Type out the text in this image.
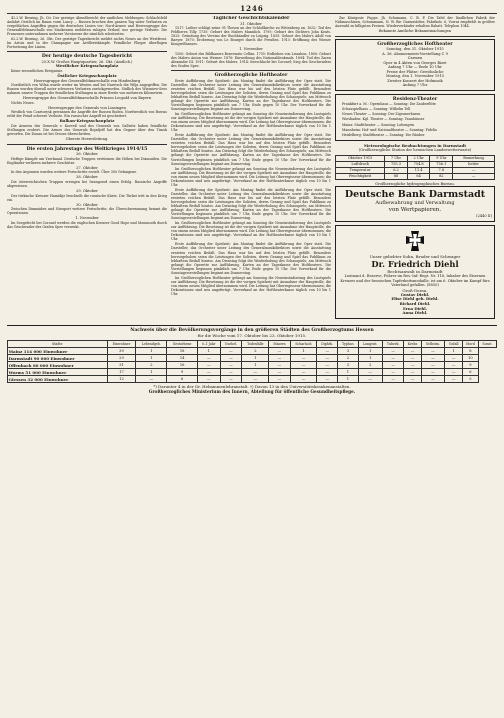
1246
42.2.W. Bessing, Jh. Cit. Der gestrige Abendbericht der amtlichen Meldungen: Schlachtfeld Anfahrt Oestlich im Raum vorm Lancy ... Russen brachen den ganzen Tag unter Verlusten zu vergeblichen Angriffen gegen die deutschen Linien vor; Nord-Armee und Heeresgruppe des Generalfeldmarschalls von Mackensen meldeten ruhigen Verlauf, nur geringe Verluste. Die Franzosen unternahmen mehrere Vorstoesse die sämtlich scheiterten.
62.2.W. Bessing, 26. Okt. Der gestrige Tagesbericht meldet nichts Neues an der Westfront. Im Artois und in der Champagne nur Artilleriekämpfe. Feindliche Flieger überflogen Fortsetzung der Linien.
Der heutige deutsche Tagesbericht
25.X.W. Großes Hauptquartier, 26. Okt. (Amtlich.)
Westlicher Kriegsschauplatz
Keine wesentlichen Ereignisse.
Östlicher Kriegsschauplatz
Heeresgruppe des Generalfeldmarschalls von Hindenburg
Nordöstlich von Wilna wurde weiter im Westen und bei Narotsch die Wilja angegriffen. Die Russen wurden überall unter schweren Verlusten zurückgeworfen. Südlich des Wiszniew-Sees nahmen unsere Truppen die feindlichen Stellungen in einer Breite von mehreren Kilometern.
Heeresgruppe des Generalfeldmarschalls Prinzen Leopold von Bayern
Nichts Neues.
Heeresgruppe des Generals von Linsingen
Westlich von Czartorysk gewannen die Angriffe der Russen Boden. Nordwestlich von Rowno erlitt der Feind schwere Verluste. Ein russischer Angriff ist gescheitert.
Balkan-Kriegsschauplatz
Die Armeen des Generals v. Koeveß und des Generals von Gallwitz haben feindliche Stellungen erobert. Die Armee des Generals Bojadjeff hat den Gegner über den Timok geworfen. Die Donau ist bei Orsova überschritten.
Oberste Heeresleitung.
Die ersten Jahrestage des Weltkrieges 1914/15
26. Oktober
Heftige Kämpfe am Yserkanal. Deutsche Truppen erstürmen die Höhen bei Dixmuiden. Die Engländer verlieren mehrere Geschütze.
27. Oktober
In den Argonnen wurden weitere Fortschritte erzielt. Über 300 Gefangene.
28. Oktober
Die österreichischen Truppen erringen bei Iwangorod einen Erfolg. Russische Angriffe abgewiesen.
29. Oktober
Der türkische Kreuzer Hamidije beschießt die russische Küste. Die Türkei tritt in den Krieg ein.
30. Oktober
Zwischen Dixmuiden und Nieuport weitere Fortschritte, die Überschwemmung hemmt die Operationen.
1. November
Im Seegefecht bei Coronel werden die englischen Kreuzer Good Hope und Monmouth durch das Geschwader des Grafen Spee versenkt.
Täglicher Geschichtskalender
31. Oktober
1517: Luther schlägt seine 95 Thesen an der Schloßkirche zu Wittenberg an. 1632: Tod des Feldherrn Tilly. 1735: Geburt des Malers Mannlich. 1795: Geburt des Dichters John Keats. 1825: Gründung des Vereins der Buchhändler zu Leipzig. 1835: Geburt des Malers Adolf von Baeyer. 1870: Eroberung von Le Bourget durch die Preußen. 1913: Eröffnung des Wiener Kongreßhauses.
1. November
1500: Geburt des Bildhauers Benvenuto Cellini. 1755: Erdbeben von Lissabon. 1800: Geburt des Malers Anton von Werner. 1876: Einweihung des Nationaldenkmals. 1894: Tod des Zaren Alexander III. 1911: Geburt des Malers. 1914: Seeschlacht bei Coronel; Sieg des Geschwaders des Grafen Spee.
Großherzogliche Hoftheater
Erste Aufführung der Spielzeit: Am Montag findet die Aufführung der Oper statt. Die Darsteller, das Orchester unter Leitung des Generalmusikdirektors sowie die Ausstattung ernteten reichen Beifall. Das Haus war bis auf den letzten Platz gefüllt. Besonders hervorgehoben seien die Leistungen der Solisten, deren Gesang und Spiel das Publikum zu lebhaftem Beifall hinriss. Am Dienstag folgt die Wiederholung des Schauspiels; am Mittwoch gelangt die Operette zur Aufführung. Karten an der Tageskasse des Hoftheaters. Die Vorstellungen beginnen pünktlich um 7 Uhr, Ende gegen 10 Uhr. Der Vorverkauf für die Sonntagsvorstellungen beginnt am Donnerstag.
Im Großherzoglichen Hoftheater gelangt am Sonntag die Neueinstudierung des Lustspiels zur Aufführung. Die Besetzung ist die der vorigen Spielzeit mit Ausnahme der Hauptrolle, die von einem neuen Mitglied übernommen wird. Die Leitung hat Oberregisseur übernommen; die Dekorationen sind neu angefertigt. Vorverkauf an der Hoftheaterkasse täglich von 10 bis 1 Uhr.
Erste Aufführung der Spielzeit: Am Montag findet die Aufführung der Oper statt. Die Darsteller, das Orchester unter Leitung des Generalmusikdirektors sowie die Ausstattung ernteten reichen Beifall. Das Haus war bis auf den letzten Platz gefüllt. Besonders hervorgehoben seien die Leistungen der Solisten, deren Gesang und Spiel das Publikum zu lebhaftem Beifall hinriss. Am Dienstag folgt die Wiederholung des Schauspiels; am Mittwoch gelangt die Operette zur Aufführung. Karten an der Tageskasse des Hoftheaters. Die Vorstellungen beginnen pünktlich um 7 Uhr, Ende gegen 10 Uhr. Der Vorverkauf für die Sonntagsvorstellungen beginnt am Donnerstag.
Im Großherzoglichen Hoftheater gelangt am Sonntag die Neueinstudierung des Lustspiels zur Aufführung. Die Besetzung ist die der vorigen Spielzeit mit Ausnahme der Hauptrolle, die von einem neuen Mitglied übernommen wird. Die Leitung hat Oberregisseur übernommen; die Dekorationen sind neu angefertigt. Vorverkauf an der Hoftheaterkasse täglich von 10 bis 1 Uhr.
Erste Aufführung der Spielzeit: Am Montag findet die Aufführung der Oper statt. Die Darsteller, das Orchester unter Leitung des Generalmusikdirektors sowie die Ausstattung ernteten reichen Beifall. Das Haus war bis auf den letzten Platz gefüllt. Besonders hervorgehoben seien die Leistungen der Solisten, deren Gesang und Spiel das Publikum zu lebhaftem Beifall hinriss. Am Dienstag folgt die Wiederholung des Schauspiels; am Mittwoch gelangt die Operette zur Aufführung. Karten an der Tageskasse des Hoftheaters. Die Vorstellungen beginnen pünktlich um 7 Uhr, Ende gegen 10 Uhr. Der Vorverkauf für die Sonntagsvorstellungen beginnt am Donnerstag.
Im Großherzoglichen Hoftheater gelangt am Sonntag die Neueinstudierung des Lustspiels zur Aufführung. Die Besetzung ist die der vorigen Spielzeit mit Ausnahme der Hauptrolle, die von einem neuen Mitglied übernommen wird. Die Leitung hat Oberregisseur übernommen; die Dekorationen sind neu angefertigt. Vorverkauf an der Hoftheaterkasse täglich von 10 bis 1 Uhr.
Erste Aufführung der Spielzeit: Am Montag findet die Aufführung der Oper statt. Die Darsteller, das Orchester unter Leitung des Generalmusikdirektors sowie die Ausstattung ernteten reichen Beifall. Das Haus war bis auf den letzten Platz gefüllt. Besonders hervorgehoben seien die Leistungen der Solisten, deren Gesang und Spiel das Publikum zu lebhaftem Beifall hinriss. Am Dienstag folgt die Wiederholung des Schauspiels; am Mittwoch gelangt die Operette zur Aufführung. Karten an der Tageskasse des Hoftheaters. Die Vorstellungen beginnen pünktlich um 7 Uhr, Ende gegen 10 Uhr. Der Vorverkauf für die Sonntagsvorstellungen beginnt am Donnerstag.
Im Großherzoglichen Hoftheater gelangt am Sonntag die Neueinstudierung des Lustspiels zur Aufführung. Die Besetzung ist die der vorigen Spielzeit mit Ausnahme der Hauptrolle, die von einem neuen Mitglied übernommen wird. Die Leitung hat Oberregisseur übernommen; die Dekorationen sind neu angefertigt. Vorverkauf an der Hoftheaterkasse täglich von 10 bis 1 Uhr.
Zur Königsstr. Puppe, Jh. Schumann, C. B. F. Die Tafel der ländlichen Fabrik der Nähmaschinen, Schummann, N. W. Bir. Darmstädter, Fabrikstr. 6, Vorrat empfiehlt in größter Auswahl zu billigsten Preisen. Wiederverkäufer erhalten Rabatt. Telephon 1044.
Bekannte Amtliche Bekanntmachungen
Großherzogliches Hoftheater
Sonntag, den 31. Oktober 1915
A. 36. Abonnements-Vorstellung C 9
Carmen
Oper in 4 Akten von Georges Bizet
Anfang 7 Uhr — Ende 10 Uhr
Preise der Plätze: Gewöhnliche
Montag, den 1. November 1915
Zweiter Konzert der Hofmusik
Anfang 7 Uhr
Residenz-Theater
Frankfurt a. M.: Opernhaus — Sonntag: Die Zauberflöte
Schauspielhaus — Sonntag: Wilhelm Tell
Neues Theater — Sonntag: Der Zigeunerbaron
Wiesbaden: Kgl. Theater — Sonntag: Tannhäuser
Mainz: Stadttheater — Sonntag: Lohengrin
Mannheim: Hof- und Nationaltheater — Sonntag: Fidelio
Heidelberg: Stadttheater — Sonntag: Die Räuber
Meteorologische Beobachtungen in Darmstadt
(Großherzogliche Station der hessischen Landeswetterwarte)
Oktober 1915	7 Uhr	2 Uhr	9 Uhr	Bemerkung
Luftdruck	755.3	754.8	756.1	heiter
Temperatur	6.2	11.4	7.8	—
Feuchtigkeit	88	64	82	—
Großherzogliche hydrographisches Bureau.
Deutsche Bank Darmstadt
Aufbewahrung und Verwaltung
von Wertpapieren.
(2440 II)
Unser geliebter Sohn, Bruder und Schwager
Dr. Friedrich Diehl
Rechtsanwalt in Darmstadt
Leutnant d. Reserve, Führer im Res.-Inf.-Regt. Nr. 116, Inhaber des Eisernen Kreuzes und der hessischen Tapferkeitsmedaille, ist am 6. Oktober im Kampf fürs Vaterland gefallen. (8850)
Groß-Gerau.
Gustav Diehl.
Elise Diehl geb. Diehl.
Richard Diehl.
Erna Diehl.
Anna Diehl.
Nachweis über die Bevölkerungsvorgänge in den größeren Städten des Großherzogtums Hessen
für die Woche vom 17. Oktober bis 23. Oktober 1915.
Städte	Einwohner	Lebendgeb.	Gestorbene	0–1 Jahr	Unehel.	Todesfälle	Masern	Scharlach	Diphth.	Typhus	Lungent.	Tuberk.	Krebs	Selbstm.	Unfall	Mord	Sonst.
Mainz 114 000 Einwohner	39	1	18	1	—	2	—	1	—	3	1	—	—	—	1	8	
Darmstadt 90 000 Einwohner	29	1	14	—	—	1	—	—	—	2	1	—	—	—	—	10	
Offenbach 80 000 Einwohner	31	2	16	—	—	1	—	—	—	3	2	—	—	—	—	9	
Worms 51 000 Einwohner	17	1	9	—	—	—	—	—	—	1	—	—	—	—	—	6	
Giessen 32 000 Einwohner	12	—	6	—	—	—	—	—	—	1	—	—	—	—	—	5	
*) Darunter 4 in der Gr. Hebammenlehranstalt. †) Davon 13 in den Universitätskrankenanstalten.
Großherzogliches Ministerium des Innern, Abteilung für öffentliche Gesundheitspflege.
